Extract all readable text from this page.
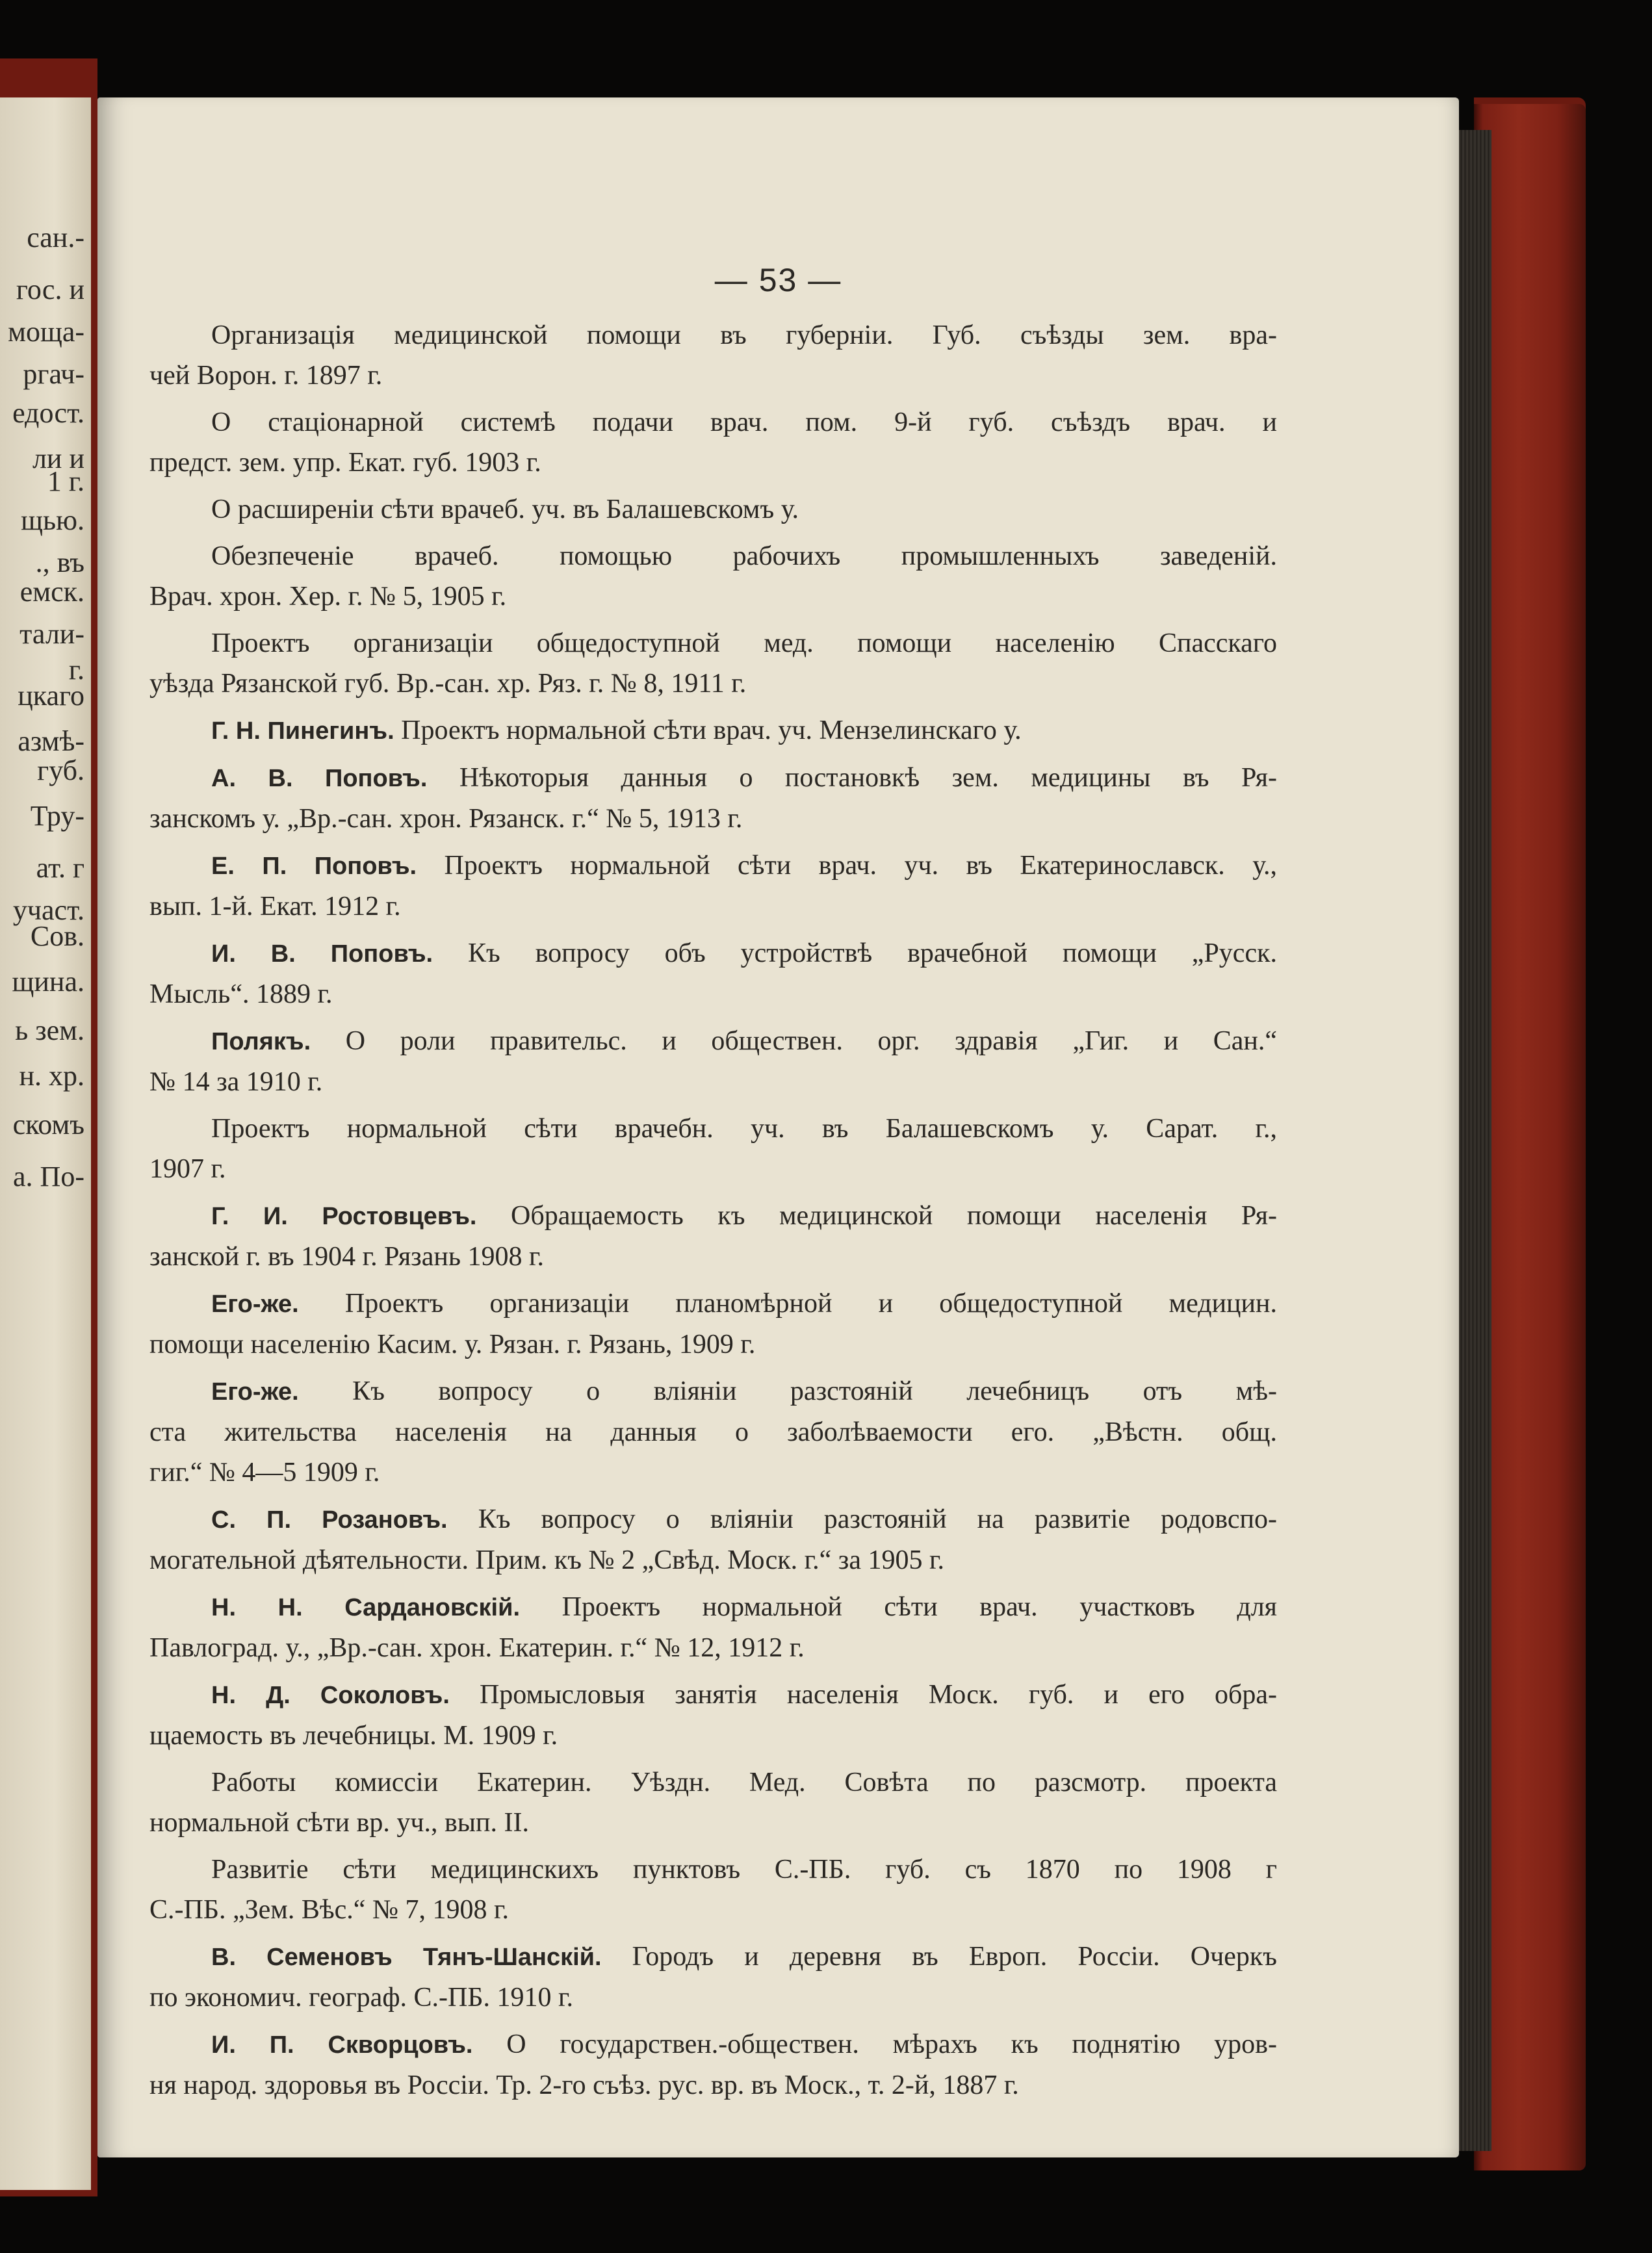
сан.-
гос. и
моща-
ргач-
едост.
ли и
1 г.
щью.
., въ
емск.
тали-
г.
цкаго
азмѣ-
губ.
Тру-
ат. г
участ.
Сов.
щина.
ь зем.
н. хр.
скомъ
а. По-
— 53 —
Организація медицинской помощи въ губерніи. Губ. съѣзды зем. вра-
чей Ворон. г. 1897 г.
О стаціонарной системѣ подачи врач. пом. 9-й губ. съѣздъ врач. и
предст. зем. упр. Екат. губ. 1903 г.
О расширеніи сѣти врачеб. уч. въ Балашевскомъ у.
Обезпеченіе врачеб. помощью рабочихъ промышленныхъ заведеній.
Врач. хрон. Хер. г. № 5, 1905 г.
Проектъ организаціи общедоступной мед. помощи населенію Спасскаго
уѣзда Рязанской губ. Вр.-сан. хр. Ряз. г. № 8, 1911 г.
Г. Н. Пинегинъ. Проектъ нормальной сѣти врач. уч. Мензелинскаго у.
А. В. Поповъ. Нѣкоторыя данныя о постановкѣ зем. медицины въ Ря-
занскомъ у. „Вр.-сан. хрон. Рязанск. г.“ № 5, 1913 г.
Е. П. Поповъ. Проектъ нормальной сѣти врач. уч. въ Екатеринославск. у.,
вып. 1-й. Екат. 1912 г.
И. В. Поповъ. Къ вопросу объ устройствѣ врачебной помощи „Русск.
Мысль“. 1889 г.
Полякъ. О роли правительс. и обществен. орг. здравія „Гиг. и Сан.“
№ 14 за 1910 г.
Проектъ нормальной сѣти врачебн. уч. въ Балашевскомъ у. Сарат. г.,
1907 г.
Г. И. Ростовцевъ. Обращаемость къ медицинской помощи населенія Ря-
занской г. въ 1904 г. Рязань 1908 г.
Его-же. Проектъ организаціи планомѣрной и общедоступной медицин.
помощи населенію Касим. у. Рязан. г. Рязань, 1909 г.
Его-же. Къ вопросу о вліяніи разстояній лечебницъ отъ мѣ-
ста жительства населенія на данныя о заболѣваемости его. „Вѣстн. общ.
гиг.“ № 4—5 1909 г.
С. П. Розановъ. Къ вопросу о вліяніи разстояній на развитіе родовспо-
могательной дѣятельности. Прим. къ № 2 „Свѣд. Моск. г.“ за 1905 г.
Н. Н. Сардановскій. Проектъ нормальной сѣти врач. участковъ для
Павлоград. у., „Вр.-сан. хрон. Екатерин. г.“ № 12, 1912 г.
Н. Д. Соколовъ. Промысловыя занятія населенія Моск. губ. и его обра-
щаемость въ лечебницы. М. 1909 г.
Работы комиссіи Екатерин. Уѣздн. Мед. Совѣта по разсмотр. проекта
нормальной сѣти вр. уч., вып. II.
Развитіе сѣти медицинскихъ пунктовъ С.-ПБ. губ. съ 1870 по 1908 г
С.-ПБ. „Зем. Вѣс.“ № 7, 1908 г.
В. Семеновъ Тянъ-Шанскій. Городъ и деревня въ Европ. Россіи. Очеркъ
по экономич. географ. С.-ПБ. 1910 г.
И. П. Скворцовъ. О государствен.-обществен. мѣрахъ къ поднятію уров-
ня народ. здоровья въ Россіи. Тр. 2-го съѣз. рус. вр. въ Моск., т. 2-й, 1887 г.
